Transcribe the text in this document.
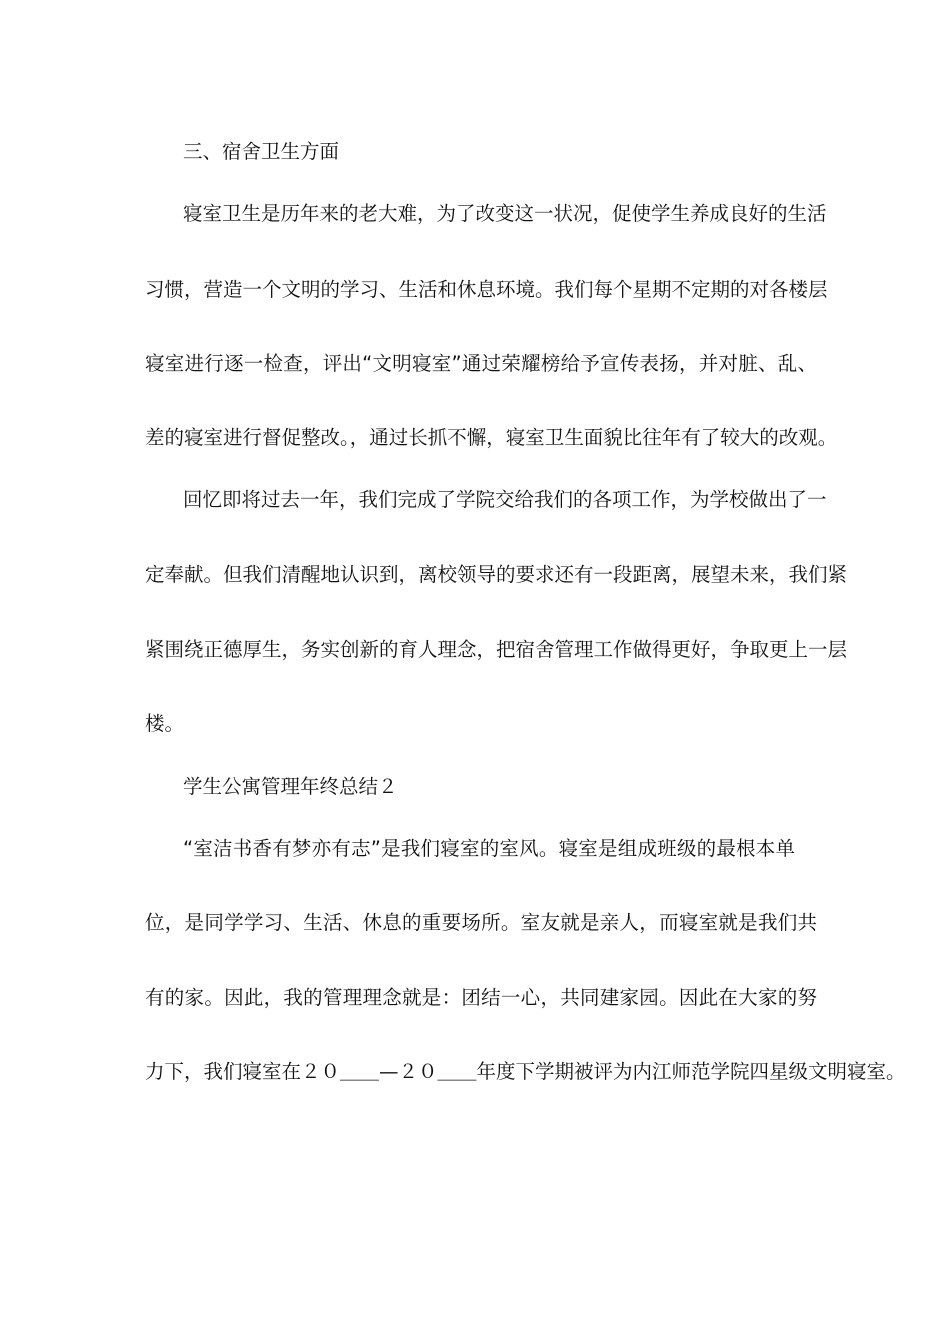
三、宿舍卫生方面
寝室卫生是历年来的老大难，为了改变这一状况，促使学生养成良好的生活
习惯，营造一个文明的学习、生活和休息环境。我们每个星期不定期的对各楼层
寝室进行逐一检查，评出“文明寝室”通过荣耀榜给予宣传表扬，并对脏、乱、
差的寝室进行督促整改。，通过长抓不懈，寝室卫生面貌比往年有了较大的改观。
回忆即将过去一年，我们完成了学院交给我们的各项工作，为学校做出了一
定奉献。但我们清醒地认识到，离校领导的要求还有一段距离，展望未来，我们紧
紧围绕正德厚生，务实创新的育人理念，把宿舍管理工作做得更好，争取更上一层
楼。
学生公寓管理年终总结２
“室洁书香有梦亦有志”是我们寝室的室风。寝室是组成班级的最根本单
位，是同学学习、生活、休息的重要场所。室友就是亲人，而寝室就是我们共
有的家。因此，我的管理理念就是：团结一心，共同建家园。因此在大家的努
力下，我们寝室在２０＿＿—２０＿＿年度下学期被评为内江师范学院四星级文明寝室。
